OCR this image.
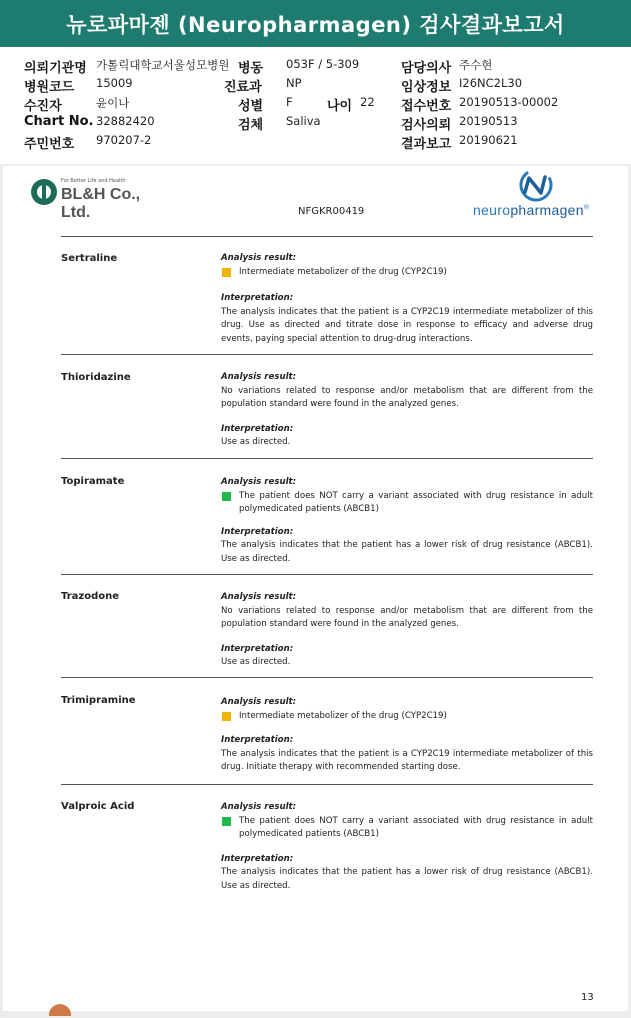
뉴로파마젠 (Neuropharmagen) 검사결과보고서
의뢰기관명 가톨릭대학교서울성모병원 병동 053F / 5-309	담당의사 주수현
병원코드 15009	진료과 NP	임상정보 I26NC2L30
수진자	윤이나	성별 F	나이 22 접수번호 20190513-00002
Chart No. 32882420	검체 Saliva	검사의뢰 20190513
주민번호 970207-2	결과보고 20190621
For Better Life and Health
BL&H Co., Ltd.	neuropharmagen®
NFGKR00419
Sertraline	Analysis result:

Intermediate metabolizer of the drug (CYP2C19)

Interpretation:

The analysis indicates that the patient is a CYP2C19 intermediate metabolizer of this drug. Use as directed and titrate dose in response to efficacy and adverse drug events, paying special attention to drug-drug interactions.

Thioridazine	Analysis result:

No variations related to response and/or metabolism that are different from the population standard were found in the analyzed genes.

Interpretation:

Use as directed.

Topiramate	Analysis result:

The patient does NOT carry a variant associated with drug resistance in adult polymedicated patients (ABCB1)

Interpretation:

The analysis indicates that the patient has a lower risk of drug resistance (ABCB1). Use as directed.

Trazodone	Analysis result:

No variations related to response and/or metabolism that are different from the population standard were found in the analyzed genes.

Interpretation:

Use as directed.

Trimipramine	Analysis result:

Intermediate metabolizer of the drug (CYP2C19)

Interpretation:

The analysis indicates that the patient is a CYP2C19 intermediate metabolizer of this drug. Initiate therapy with recommended starting dose.

Valproic Acid	Analysis result:

The patient does NOT carry a variant associated with drug resistance in adult polymedicated patients (ABCB1)

Interpretation:

The analysis indicates that the patient has a lower risk of drug resistance (ABCB1). Use as directed.

13
